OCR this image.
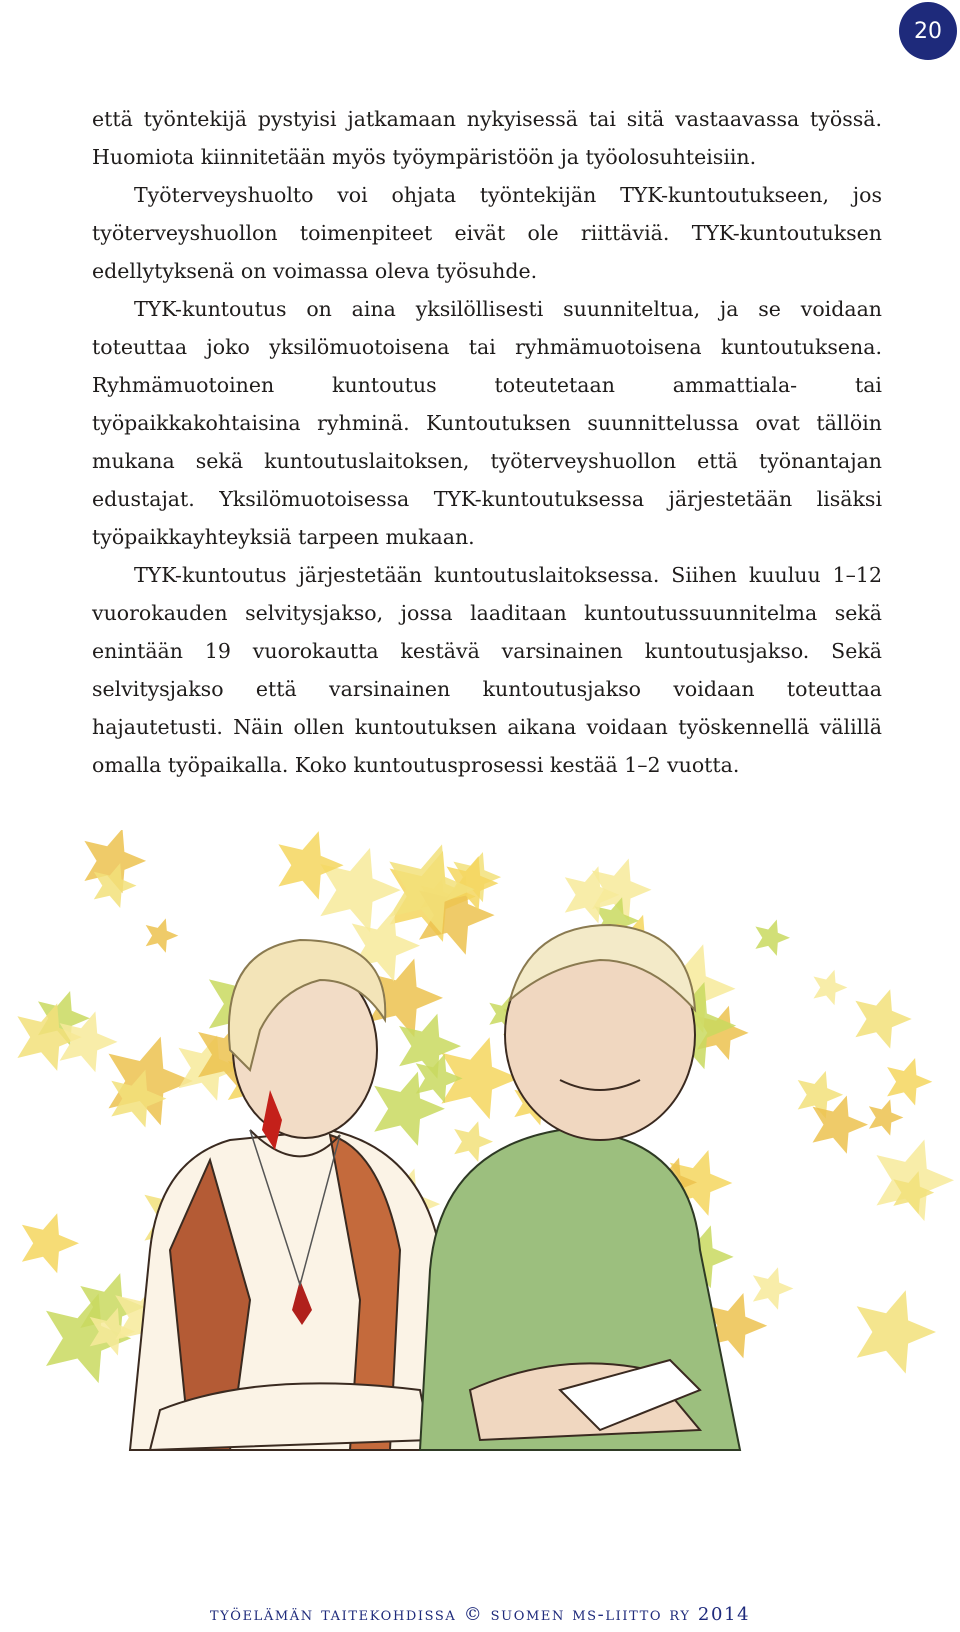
20

että työntekijä pystyisi jatkamaan nykyisessä tai sitä vastaavassa työssä. Huomiota kiinnitetään myös työympäristöön ja työolosuhteisiin.

Työterveyshuolto voi ohjata työntekijän TYK-kuntoutukseen, jos työterveyshuollon toimenpiteet eivät ole riittäviä. TYK-kuntoutuksen edellytyksenä on voimassa oleva työsuhde.

TYK-kuntoutus on aina yksilöllisesti suunniteltua, ja se voidaan toteuttaa joko yksilömuotoisena tai ryhmämuotoisena kuntoutuksena. Ryhmämuotoinen kuntoutus toteutetaan ammattiala- tai työpaikkakohtaisina ryhminä. Kuntoutuksen suunnittelussa ovat tällöin mukana sekä kuntoutuslaitoksen, työterveyshuollon että työnantajan edustajat. Yksilömuotoisessa TYK-kuntoutuksessa järjestetään lisäksi työpaikkayhteyksiä tarpeen mukaan.

TYK-kuntoutus järjestetään kuntoutuslaitoksessa. Siihen kuuluu 1–12 vuorokauden selvitysjakso, jossa laaditaan kuntoutussuunnitelma sekä enintään 19 vuorokautta kestävä varsinainen kuntoutusjakso. Sekä selvitysjakso että varsinainen kuntoutusjakso voidaan toteuttaa hajautetusti. Näin ollen kuntoutuksen aikana voidaan työskennellä välillä omalla työpaikalla. Koko kuntoutusprosessi kestää 1–2 vuotta.

työelämän taitekohdissa © suomen ms-liitto ry 2014
